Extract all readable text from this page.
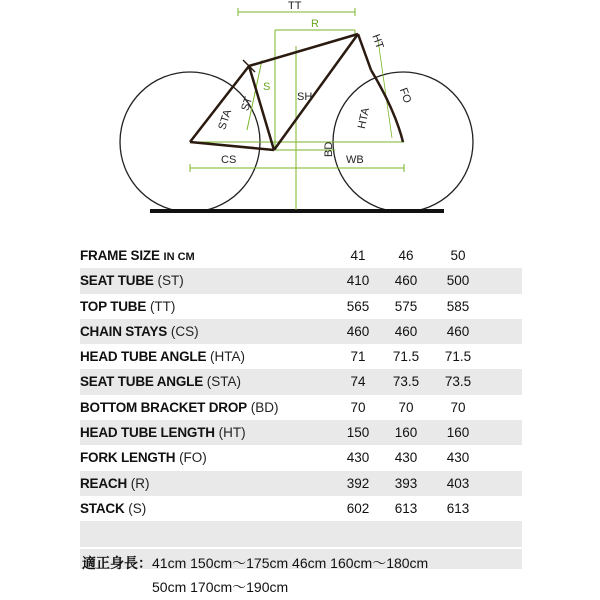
TT
R
HT
S
SH
ST
STA
FO
HTA
BD
CS	WB
FRAME SIZE IN CM	41	46	50
SEAT TUBE (ST)	410	460	500
TOP TUBE (TT)	565	575	585
CHAIN STAYS (CS)	460	460	460
HEAD TUBE ANGLE (HTA)	71	71.5	71.5
SEAT TUBE ANGLE (STA)	74	73.5	73.5
BOTTOM BRACKET DROP (BD)	70	70	70
HEAD TUBE LENGTH (HT)	150	160	160
FORK LENGTH (FO)	430	430	430
REACH (R)	392	393	403
STACK (S)	602	613	613
適正身長：41cm 150cm〜175cm 46cm 160cm〜180cm
50cm 170cm〜190cm
